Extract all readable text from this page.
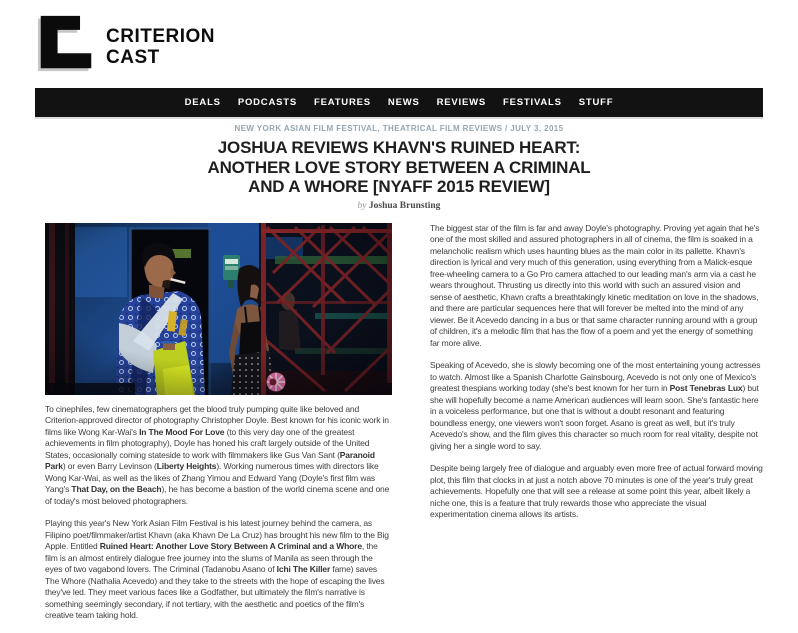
CRITERION
CAST
DEALS PODCASTS FEATURES NEWS REVIEWS FESTIVALS STUFF
NEW YORK ASIAN FILM FESTIVAL, THEATRICAL FILM REVIEWS / JULY 3, 2015
JOSHUA REVIEWS KHAVN'S RUINED HEART: ANOTHER LOVE STORY BETWEEN A CRIMINAL AND A WHORE [NYAFF 2015 REVIEW]
by Joshua Brunsting

To cinephiles, few cinematographers get the blood truly pumping quite like beloved and Criterion-approved director of photography Christopher Doyle. Best known for his iconic work in films like Wong Kar-Wai's In The Mood For Love (to this very day one of the greatest achievements in film photography), Doyle has honed his craft largely outside of the United States, occasionally coming stateside to work with filmmakers like Gus Van Sant (Paranoid Park) or even Barry Levinson (Liberty Heights). Working numerous times with directors like Wong Kar-Wai, as well as the likes of Zhang Yimou and Edward Yang (Doyle's first film was Yang's That Day, on the Beach), he has become a bastion of the world cinema scene and one of today's most beloved photographers.

Playing this year's New York Asian Film Festival is his latest journey behind the camera, as Filipino poet/filmmaker/artist Khavn (aka Khavn De La Cruz) has brought his new film to the Big Apple. Entitled Ruined Heart: Another Love Story Between A Criminal and a Whore, the film is an almost entirely dialogue free journey into the slums of Manila as seen through the eyes of two vagabond lovers. The Criminal (Tadanobu Asano of Ichi The Killer fame) saves The Whore (Nathalia Acevedo) and they take to the streets with the hope of escaping the lives they've led. They meet various faces like a Godfather, but ultimately the film's narrative is something seemingly secondary, if not tertiary, with the aesthetic and poetics of the film's creative team taking hold.

The biggest star of the film is far and away Doyle's photography. Proving yet again that he's one of the most skilled and assured photographers in all of cinema, the film is soaked in a melancholic realism which uses haunting blues as the main color in its pallette. Khavn's direction is lyrical and very much of this generation, using everything from a Malick-esque free-wheeling camera to a Go Pro camera attached to our leading man's arm via a cast he wears throughout. Thrusting us directly into this world with such an assured vision and sense of aesthetic, Khavn crafts a breathtakingly kinetic meditation on love in the shadows, and there are particular sequences here that will forever be melted into the mind of any viewer. Be it Acevedo dancing in a bus or that same character running around with a group of children, it's a melodic film that has the flow of a poem and yet the energy of something far more alive.

Speaking of Acevedo, she is slowly becoming one of the most entertaining young actresses to watch. Almost like a Spanish Charlotte Gainsbourg, Acevedo is not only one of Mexico's greatest thespians working today (she's best known for her turn in Post Tenebras Lux) but she will hopefully become a name American audiences will learn soon. She's fantastic here in a voiceless performance, but one that is without a doubt resonant and featuring boundless energy, one viewers won't soon forget. Asano is great as well, but it's truly Acevedo's show, and the film gives this character so much room for real vitality, despite not giving her a single word to say.

Despite being largely free of dialogue and arguably even more free of actual forward moving plot, this film that clocks in at just a notch above 70 minutes is one of the year's truly great achievements. Hopefully one that will see a release at some point this year, albeit likely a niche one, this is a feature that truly rewards those who appreciate the visual experimentation cinema allows its artists.
